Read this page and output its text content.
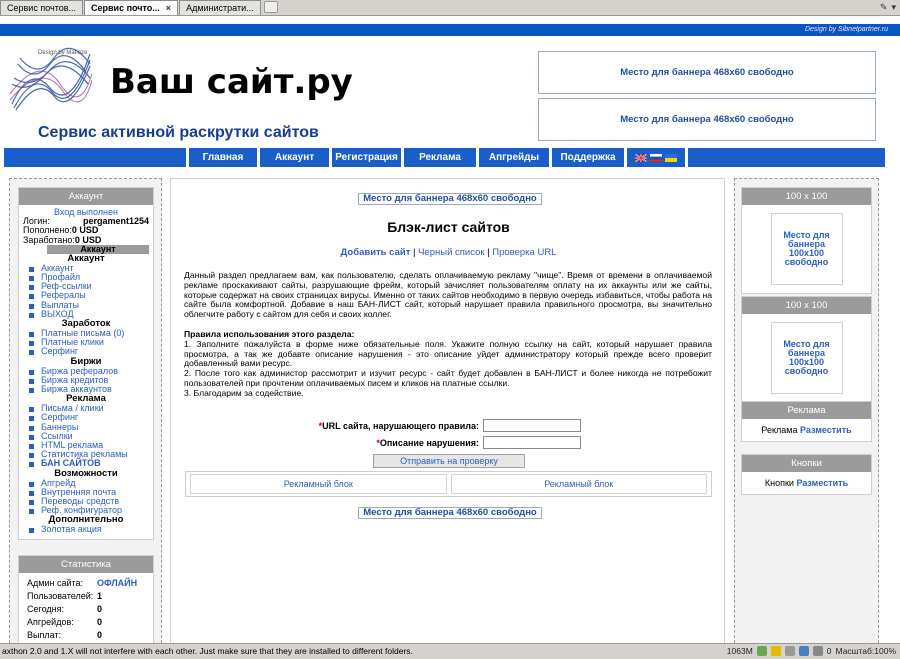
Сервис почтов... Сервис почто... × Администрати...	✎ ▾
Design by Sibnetpartner.ru
Design by Mafioze
Ваш сайт.ру
Сервис активной раскрутки сайтов
Место для баннера 468х60 свободно
Место для баннера 468х60 свободно
Главная	Аккаунт	Регистрация	Реклама	Апгрейды	Поддержка
Аккаунт
Вход выполнен
Логин:	pergament1254
Пополнено:0 USD
Заработано:0 USD
Аккаунт
Аккаунт
Аккаунт
Профайл
Реф-ссылки
Рефералы
Выплаты
ВЫХОД
Заработок
Платные письма (0)
Платные клики
Серфинг
Биржи
Биржа рефералов
Биржа кредитов
Биржа аккаунтов
Реклама
Письма / клики
Серфинг
Баннеры
Ссылки
HTML реклама
Статистика рекламы
БАН САЙТОВ
Возможности
Апгрейд
Внутренняя почта
Переводы средств
Реф. конфигуратор
Дополнительно
Золотая акция
Статистика
Админ сайта:	ОФЛАЙН
Пользователей: 1
Сегодня:	0
Апгрейдов:	0
Выплат:	0
Место для баннера 468х60 свободно
Блэк-лист сайтов
Добавить сайт | Черный список | Проверка URL

Данный раздел предлагаем вам, как пользователю, сделать оплачиваемую рекламу "чище". Время от времени в оплачиваемой рекламе проскакивают сайты, разрушающие фрейм, который зачисляет пользователям оплату на их аккаунты или же сайты, которые содержат на своих страницах вирусы. Именно от таких сайтов необходимо в первую очередь избавиться, чтобы работа на сайте была комфортной. Добавие в наш БАН-ЛИСТ сайт, который нарушает правила правильного просмотра, вы значительно облегчите работу с сайтом для себя и своих коллег.

Правила использования этого раздела:

1. Заполните пожалуйста в форме ниже обязательные поля. Укажите полную ссылку на сайт, который нарушает правила просмотра, а так же добавте описание нарушения - это описание уйдет администратору который прежде всего проверит добавленный вами ресурс.

2. После того как администор рассмотрит и изучит ресурс - сайт будет добавлен в БАН-ЛИСТ и более никогда не потребожит пользователей при прочтении оплачиваемых писем и кликов на платные ссылки.

3. Благодарим за содействие.

*URL сайта, нарушающего правила:
*Описание нарушения:
Отправить на проверку
Рекламный блок	Рекламный блок
Место для баннера 468х60 свободно
100 x 100
Место для баннера 100x100 свободно
100 x 100
Место для баннера 100x100 свободно
Реклама
Реклама Разместить
Кнопки
Кнопки Разместить
axthon 2.0 and 1.X will not interfere with each other. Just make sure that they are installed to different folders.	1063M	0 Масштаб:100%
